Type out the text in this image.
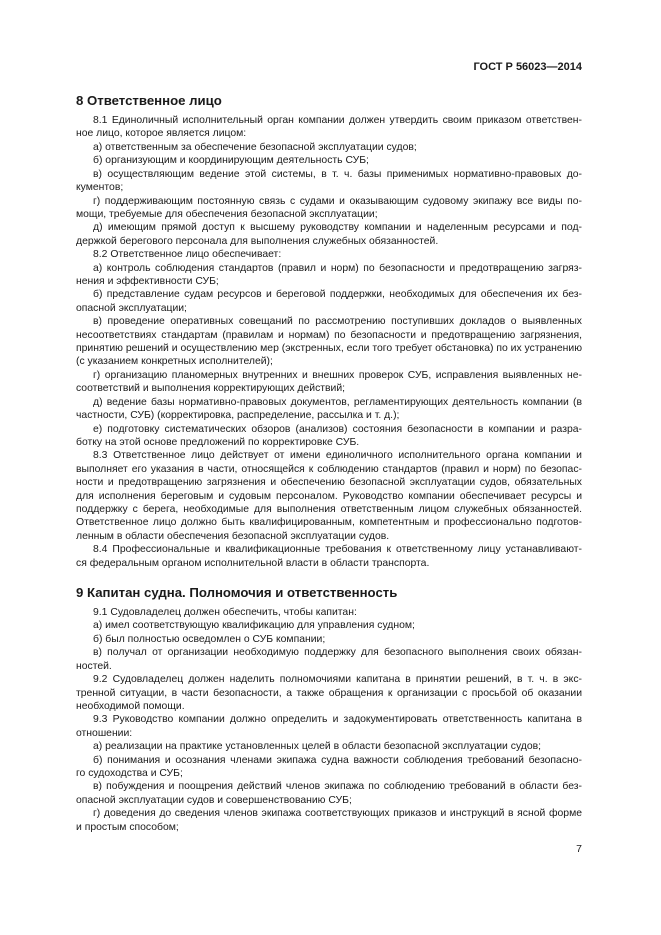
ГОСТ Р 56023—2014
8 Ответственное лицо
8.1 Единоличный исполнительный орган компании должен утвердить своим приказом ответствен-
ное лицо, которое является лицом:
а) ответственным за обеспечение безопасной эксплуатации судов;
б) организующим и координирующим деятельность СУБ;
в) осуществляющим ведение этой системы, в т. ч. базы применимых нормативно-правовых до-
кументов;
г) поддерживающим постоянную связь с судами и оказывающим судовому экипажу все виды по-
мощи, требуемые для обеспечения безопасной эксплуатации;
д) имеющим прямой доступ к высшему руководству компании и наделенным ресурсами и под-
держкой берегового персонала для выполнения служебных обязанностей.
8.2 Ответственное лицо обеспечивает:
а) контроль соблюдения стандартов (правил и норм) по безопасности и предотвращению загряз-
нения и эффективности СУБ;
б) представление судам ресурсов и береговой поддержки, необходимых для обеспечения их без-
опасной эксплуатации;
в) проведение оперативных совещаний по рассмотрению поступивших докладов о выявленных
несоответствиях стандартам (правилам и нормам) по безопасности и предотвращению загрязнения,
принятию решений и осуществлению мер (экстренных, если того требует обстановка) по их устранению
(с указанием конкретных исполнителей);
г) организацию планомерных внутренних и внешних проверок СУБ, исправления выявленных не-
соответствий и выполнения корректирующих действий;
д) ведение базы нормативно-правовых документов, регламентирующих деятельность компании (в
частности, СУБ) (корректировка, распределение, рассылка и т. д.);
е) подготовку систематических обзоров (анализов) состояния безопасности в компании и разра-
ботку на этой основе предложений по корректировке СУБ.
8.3 Ответственное лицо действует от имени единоличного исполнительного органа компании и
выполняет его указания в части, относящейся к соблюдению стандартов (правил и норм) по безопас-
ности и предотвращению загрязнения и обеспечению безопасной эксплуатации судов, обязательных
для исполнения береговым и судовым персоналом. Руководство компании обеспечивает ресурсы и
поддержку с берега, необходимые для выполнения ответственным лицом служебных обязанностей.
Ответственное лицо должно быть квалифицированным, компетентным и профессионально подготов-
ленным в области обеспечения безопасной эксплуатации судов.
8.4 Профессиональные и квалификационные требования к ответственному лицу устанавливают-
ся федеральным органом исполнительной власти в области транспорта.
9 Капитан судна. Полномочия и ответственность
9.1 Судовладелец должен обеспечить, чтобы капитан:
а) имел соответствующую квалификацию для управления судном;
б) был полностью осведомлен о СУБ компании;
в) получал от организации необходимую поддержку для безопасного выполнения своих обязан-
ностей.
9.2 Судовладелец должен наделить полномочиями капитана в принятии решений, в т. ч. в экс-
тренной ситуации, в части безопасности, а также обращения к организации с просьбой об оказании
необходимой помощи.
9.3 Руководство компании должно определить и задокументировать ответственность капитана в
отношении:
а) реализации на практике установленных целей в области безопасной эксплуатации судов;
б) понимания и осознания членами экипажа судна важности соблюдения требований безопасно-
го судоходства и СУБ;
в) побуждения и поощрения действий членов экипажа по соблюдению требований в области без-
опасной эксплуатации судов и совершенствованию СУБ;
г) доведения до сведения членов экипажа соответствующих приказов и инструкций в ясной форме
и простым способом;
7
